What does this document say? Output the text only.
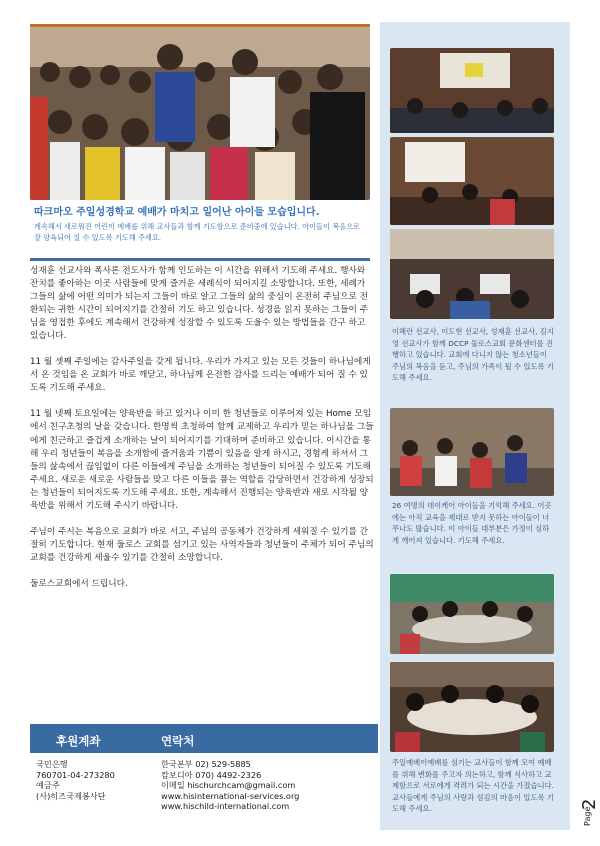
따크마오 주일성경학교 예배가 마치고 일어난 아이들 모습입니다.

계속해서 새로워진 어린이 예배를 위해 교사들과 함께 기도함으로 준비중에 있습니다. 아이들이 복음으로 잘 양육되어 질 수 있도록 기도해 주세요.

성재훈 선교사와 폭사론 전도사가 함께 인도하는 이 시간을 위해서 기도해 주세요. 행사와 잔치를 좋아하는 이곳 사람들에 맞게 즐거운 세례식이 되어지길 소망합니다. 또한, 세례가 그들의 삶에 어떤 의미가 되는지 그들이 바로 알고 그들의 삶의 중심이 온전히 주님으로 전환되는 귀한 시간이 되어지기를 간절히 기도 하고 있습니다. 성경을 읽지 못하는 그들이 주님을 영접한 후에도 계속해서 건강하게 성장할 수 있도록 도울수 있는 방법들을 간구 하고 있습니다.

11 월 셋째 주일에는 감사주일을 갖게 됩니다. 우리가 가지고 있는 모든 것들이 하나님에게서 온 것임을 온 교회가 바로 깨닫고, 하나님께 온전한 감사를 드리는 예배가 되어 질 수 있도록 기도해 주세요.

11 월 넷째 토요일에는 양육반을 하고 있거나 이미 한 청년들로 이루어져 있는 Home 모임에서 친구초청의 날을 갖습니다. 한명씩 초청하여 함께 교제하고 우리가 믿는 하나님을 그들에게 친근하고 즐겁게 소개하는 날이 되어지기를 기대하며 준비하고 있습니다. 이시간을 통해 우리 청년들이 복음을 소개함에 즐거움과 기쁨이 있음을 알게 하시고, 경험케 하셔서 그들의 삶속에서 끊임없이 다른 이들에게 주님을 소개하는 청년들이 되어질 수 있도록 기도해 주세요. 새로운 새로운 사람들을 맞고 다른 이들을 품는 역할을 감당하면서 건강하게 성장되는 청년들이 되어지도록 기도해 주세요. 또한, 계속해서 진행되는 양육반과 새로 시작될 양육반을 위해서 기도해 주시기 바랍니다.

주님이 주시는 복음으로 교회가 바로 서고, 주님의 공동체가 건강하게 세워질 수 있기를 간절히 기도합니다. 현재 둘로스 교회를 섬기고 있는 사역자들과 청년들이 주체가 되어 주님의 교회를 건강하게 세울수 있기를 간절히 소망합니다.

둘로스교회에서 드립니다.

이혜란 선교사, 이도현 선교사, 성재훈 선교사, 김지영 선교사가 함께 DCCP 둘로스교회 문화센터를 진행하고 있습니다. 교회에 다니지 않는 청소년들이 주님의 복음을 듣고, 주님의 가족이 될 수 있도록 기도해 주세요.
26 여명의 데이케어 아이들을 기억해 주세요. 이곳에는 아직 교육을 제대로 받지 못하는 아이들이 너무나도 많습니다. 이 아이들 대부분은 가정이 심하게 깨어져 있습니다. 기도해 주세요.
주일예배이예배를 섬기는 교사들이 함께 모여 예배를 위해 변화를 주고자 의논하고, 함께 식사하고 교제함으로 서로에게 격려가 되는 시간을 가졌습니다. 교사들에게 주님의 사랑과 섬김의 마음이 있도록 기도해 주세요.
후원계좌	연락처
국민은행
760701-04-273280
예금주
(사)히즈국제봉사단
한국본부 02) 529-5885
캄보디아 070) 4492-2326
이메일 hischurchcam@gmail.com
www.hisinternational-services.org
www.hischild-international.com
Page
2
